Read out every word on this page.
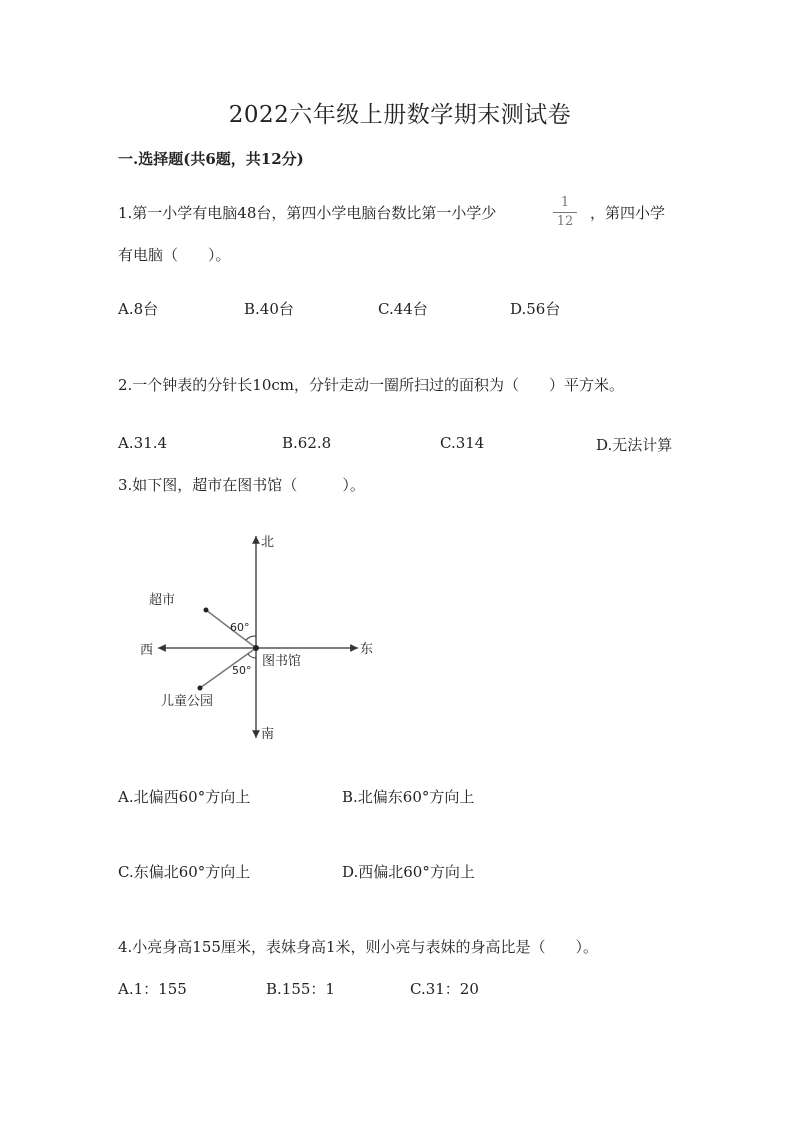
2022六年级上册数学期末测试卷
一.选择题(共6题，共12分)
1.第一小学有电脑48台，第四小学电脑台数比第一小学少
1
12 ，第四小学
有电脑（　　）。
A.8台	B.40台	C.44台	D.56台
2.一个钟表的分针长10cm，分针走动一圈所扫过的面积为（　　）平方米。
A.31.4	B.62.8	C.314	D.无法计算
3.如下图，超市在图书馆（　　　）。
北
南
东
西
图书馆
超市
儿童公园
60°
50°
A.北偏西60°方向上	B.北偏东60°方向上
C.东偏北60°方向上	D.西偏北60°方向上
4.小亮身高155厘米，表妹身高1米，则小亮与表妹的身高比是（　　）。
A.1：155	B.155：1	C.31：20
